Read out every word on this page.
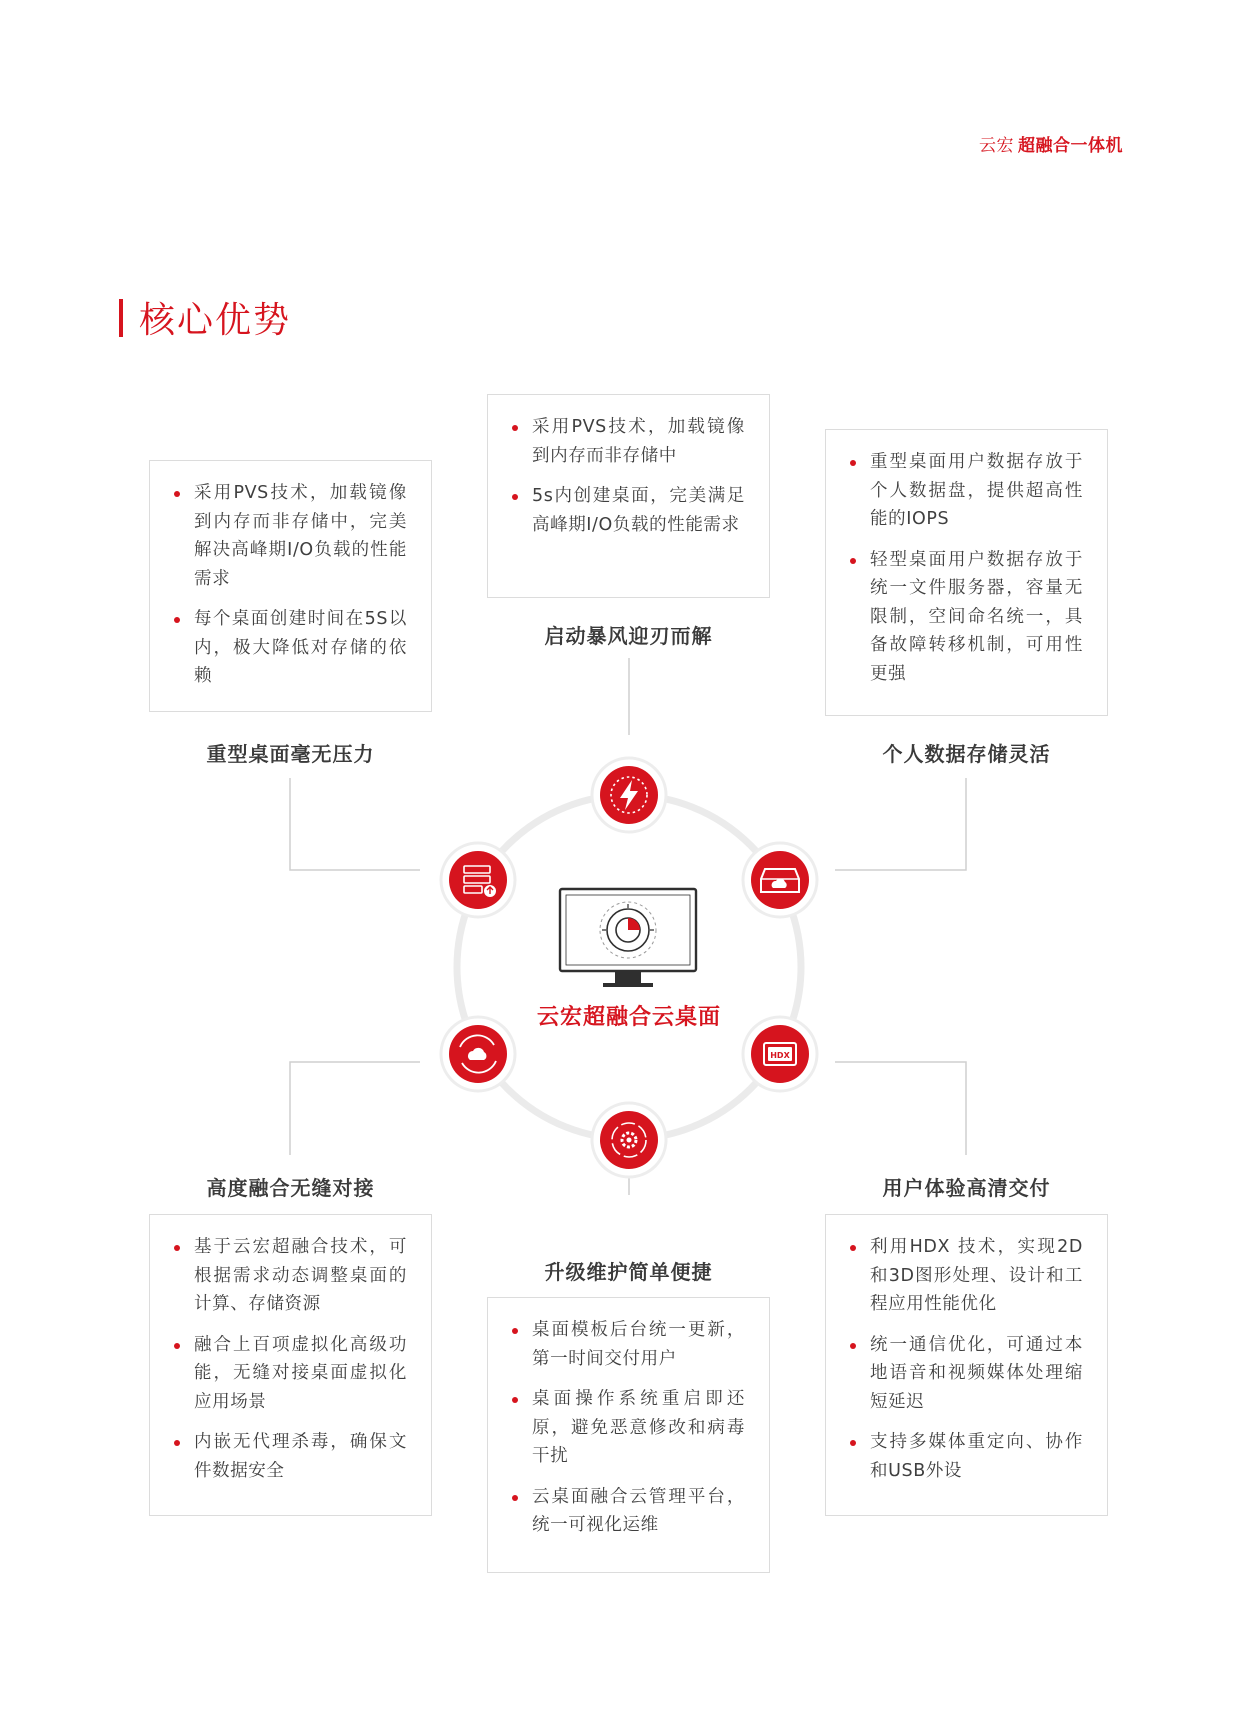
云宏 超融合一体机
核心优势
HDX
云宏超融合云桌面
采用PVS技术，加载镜像到内存而非存储中，完美解决高峰期I/O负载的性能需求
每个桌面创建时间在5S以内，极大降低对存储的依赖
重型桌面毫无压力
采用PVS技术，加载镜像到内存而非存储中
5s内创建桌面，完美满足高峰期I/O负载的性能需求
启动暴风迎刃而解
重型桌面用户数据存放于个人数据盘，提供超高性能的IOPS
轻型桌面用户数据存放于统一文件服务器，容量无限制，空间命名统一，具备故障转移机制，可用性更强
个人数据存储灵活
高度融合无缝对接
基于云宏超融合技术，可根据需求动态调整桌面的计算、存储资源
融合上百项虚拟化高级功能，无缝对接桌面虚拟化应用场景
内嵌无代理杀毒，确保文件数据安全
升级维护简单便捷
桌面模板后台统一更新，第一时间交付用户
桌面操作系统重启即还原，避免恶意修改和病毒干扰
云桌面融合云管理平台，统一可视化运维
用户体验高清交付
利用HDX 技术，实现2D和3D图形处理、设计和工程应用性能优化
统一通信优化，可通过本地语音和视频媒体处理缩短延迟
支持多媒体重定向、协作和USB外设
